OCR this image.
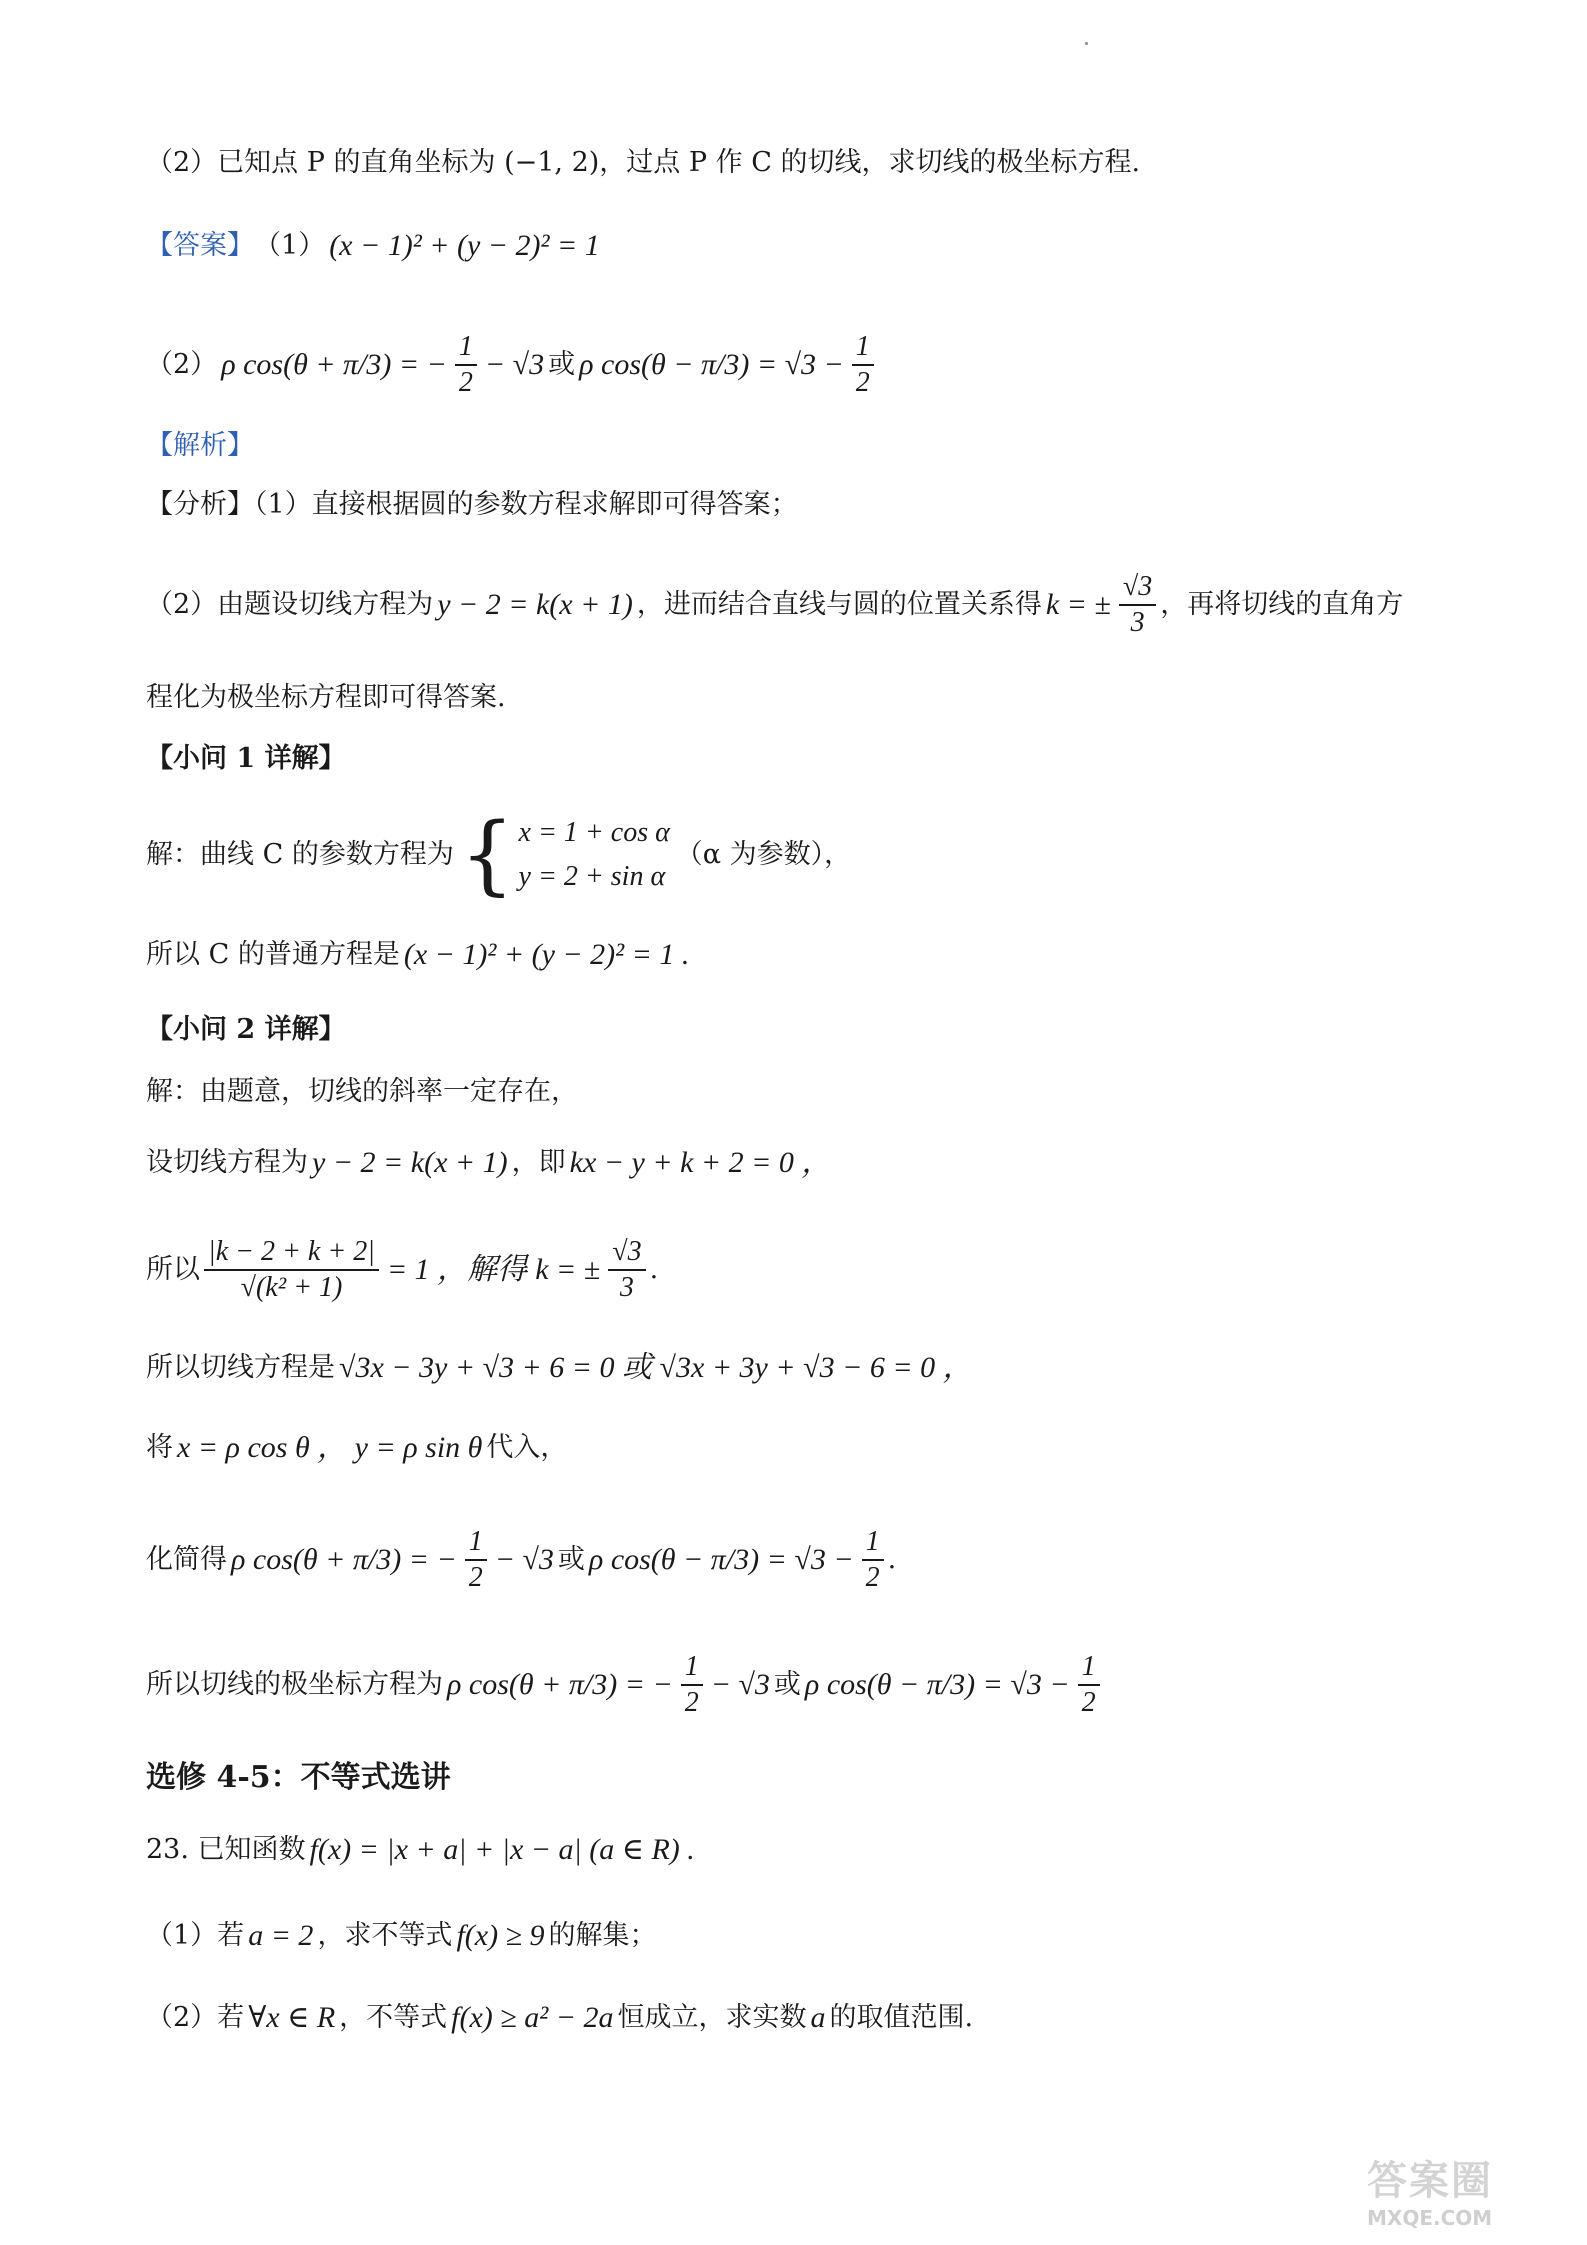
（2）已知点 P 的直角坐标为 (−1, 2)，过点 P 作 C 的切线，求切线的极坐标方程.
【答案】 （1） (x − 1)² + (y − 2)² = 1
（2） ρ cos(θ + π/3) = − $\frac{1}{2} - √3$ 或 ρ $\cos(\theta - \pi/3) = √3 - \frac{1}{2}$
【解析】
【分析】（1）直接根据圆的参数方程求解即可得答案；
（2）由题设切线方程为 y − 2 = k(x + 1) ，进而结合直线与圆的位置关系得 k = ± $\frac{√3}{3}$ ，再将切线的直角方
程化为极坐标方程即可得答案.
【小问 1 详解】
解：曲线 C 的参数方程为 { x = 1 + cos α
y = 2 + sin α
（α 为参数），
所以 C 的普通方程是 (x − 1)² + (y − 2)² = 1 .
【小问 2 详解】
解：由题意，切线的斜率一定存在，
设切线方程为 y − 2 = k(x + 1) ，即 kx − y + k + 2 = 0 ，
所以 $\frac{|k - 2 + k + 2|}{\text{√(k² + 1)}} = 1$ ，解得 k = ± $\frac{√3}{3}$ .
所以切线方程是 √3x − 3y + √3 + 6 = 0 或 √3x + 3y + √3 − 6 = 0 ，
将 x = ρ cos θ ， y = ρ sin θ 代入，
化简得 ρ cos(θ + π/3) = − $\frac{1}{2} - √3$ 或 ρ $\cos(\theta - \pi/3) = √3 - \frac{1}{2}$ .
所以切线的极坐标方程为 ρ cos(θ + π/3) = − $\frac{1}{2} - √3$ 或 ρ $\cos(\theta - \pi/3) = √3 - \frac{1}{2}$
选修 4-5：不等式选讲
23. 已知函数 f(x) = |x + a| + |x − a| (a ∈ R) .
（1）若 a = 2 ，求不等式 f(x) ≥ 9 的解集；
（2）若 ∀x ∈ R ，不等式 f(x) ≥ a² − 2a 恒成立，求实数 a 的取值范围.
答案圈
MXQE.COM
